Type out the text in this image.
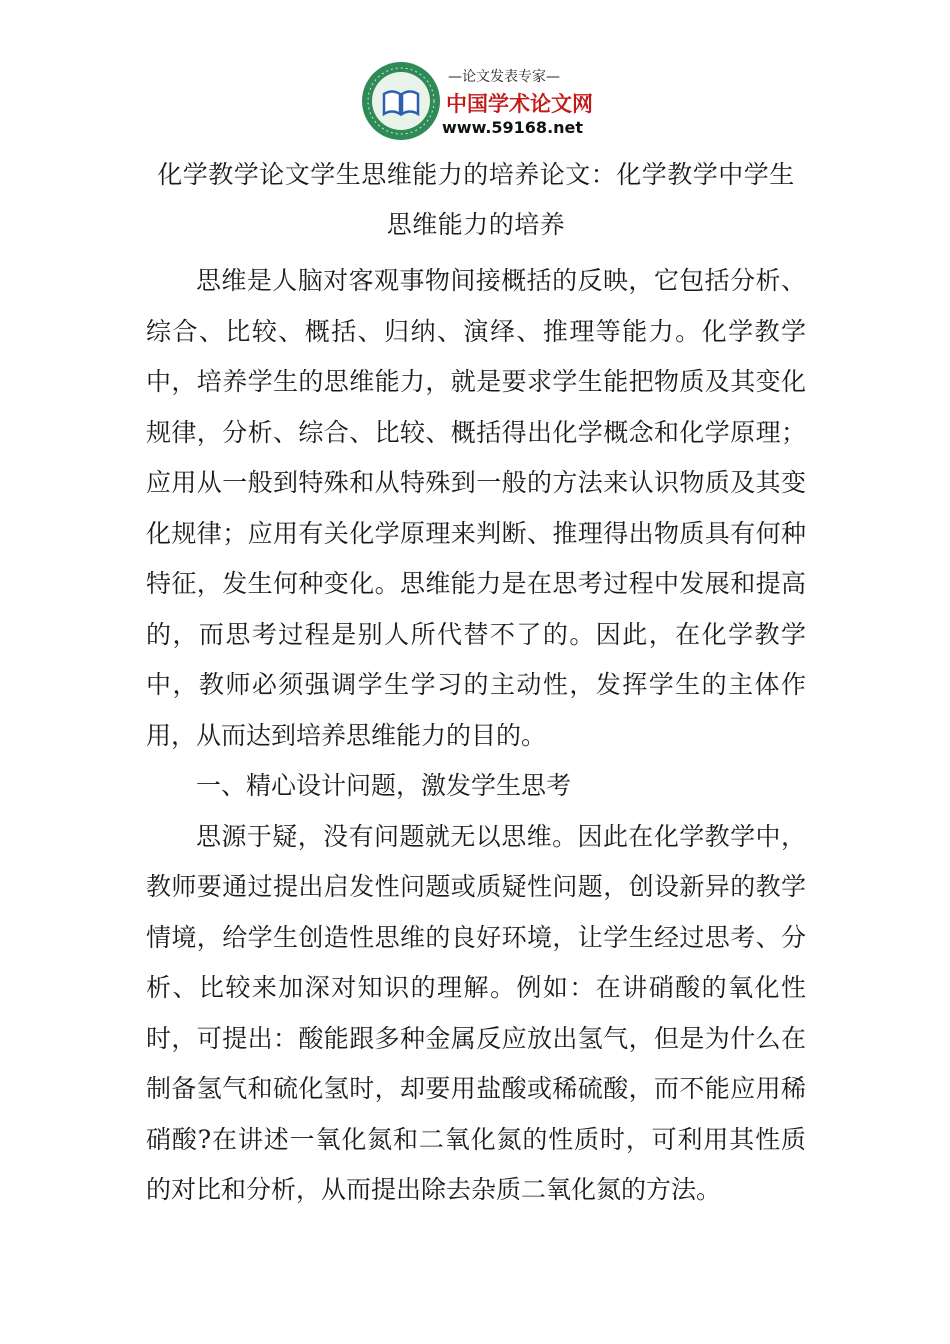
—论文发表专家—
中国学术论文网
www.59168.net
化学教学论文学生思维能力的培养论文：化学教学中学生思维能力的培养

思维是人脑对客观事物间接概括的反映，它包括分析、综合、比较、概括、归纳、演绎、推理等能力。化学教学中，培养学生的思维能力，就是要求学生能把物质及其变化规律，分析、综合、比较、概括得出化学概念和化学原理；应用从一般到特殊和从特殊到一般的方法来认识物质及其变化规律；应用有关化学原理来判断、推理得出物质具有何种特征，发生何种变化。思维能力是在思考过程中发展和提高的，而思考过程是别人所代替不了的。因此，在化学教学中，教师必须强调学生学习的主动性，发挥学生的主体作用，从而达到培养思维能力的目的。

一、精心设计问题，激发学生思考

思源于疑，没有问题就无以思维。因此在化学教学中，教师要通过提出启发性问题或质疑性问题，创设新异的教学情境，给学生创造性思维的良好环境，让学生经过思考、分析、比较来加深对知识的理解。例如：在讲硝酸的氧化性时，可提出：酸能跟多种金属反应放出氢气，但是为什么在制备氢气和硫化氢时，却要用盐酸或稀硫酸，而不能应用稀硝酸?在讲述一氧化氮和二氧化氮的性质时，可利用其性质的对比和分析，从而提出除去杂质二氧化氮的方法。
